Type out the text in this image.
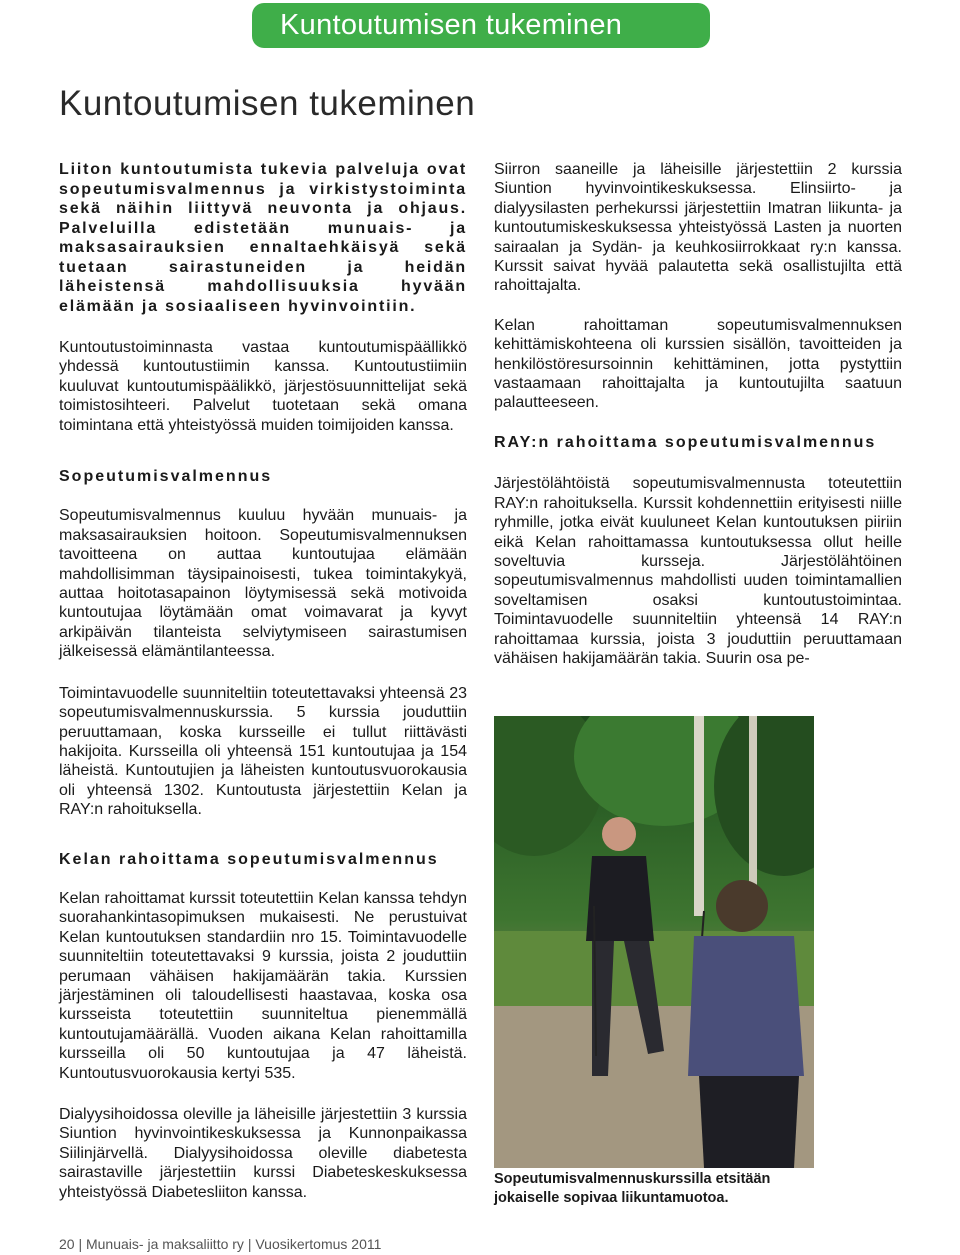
Kuntoutumisen tukeminen
Kuntoutumisen tukeminen

Liiton kuntoutumista tukevia palveluja ovat sopeutumisvalmennus ja virkistystoiminta sekä näihin liittyvä neuvonta ja ohjaus. Palveluilla edistetään munuais- ja maksasairauksien ennaltaehkäisyä sekä tuetaan sairastuneiden ja heidän läheistensä mahdollisuuksia hyvään elämään ja sosiaaliseen hyvinvointiin.

Kuntoutustoiminnasta vastaa kuntoutumispäällikkö yhdessä kuntoutustiimin kanssa. Kuntoutustiimiin kuuluvat kuntoutumispäälikkö, järjestösuunnittelijat sekä toimistosihteeri. Palvelut tuotetaan sekä omana toimintana että yhteistyössä muiden toimijoiden kanssa.

Sopeutumisvalmennus

Sopeutumisvalmennus kuuluu hyvään munuais- ja maksasairauksien hoitoon. Sopeutumisvalmennuksen tavoitteena on auttaa kuntoutujaa elämään mahdollisimman täysipainoisesti, tukea toimintakykyä, auttaa hoitotasapainon löytymisessä sekä motivoida kuntoutujaa löytämään omat voimavarat ja kyvyt arkipäivän tilanteista selviytymiseen sairastumisen jälkeisessä elämäntilanteessa.

Toimintavuodelle suunniteltiin toteutettavaksi yhteensä 23 sopeutumisvalmennuskurssia. 5 kurssia jouduttiin peruuttamaan, koska kursseille ei tullut riittävästi hakijoita. Kursseilla oli yhteensä 151 kuntoutujaa ja 154 läheistä. Kuntoutujien ja läheisten kuntoutusvuorokausia oli yhteensä 1302. Kuntoutusta järjestettiin Kelan ja RAY:n rahoituksella.

Kelan rahoittama sopeutumisvalmennus

Kelan rahoittamat kurssit toteutettiin Kelan kanssa tehdyn suorahankintasopimuksen mukaisesti. Ne perustuivat Kelan kuntoutuksen standardiin nro 15. Toimintavuodelle suunniteltiin toteutettavaksi 9 kurssia, joista 2 jouduttiin perumaan vähäisen hakijamäärän takia. Kurssien järjestäminen oli taloudellisesti haastavaa, koska osa kursseista toteutettiin suunniteltua pienemmällä kuntoutujamäärällä. Vuoden aikana Kelan rahoittamilla kursseilla oli 50 kuntoutujaa ja 47 läheistä. Kuntoutusvuorokausia kertyi 535.

Dialyysihoidossa oleville ja läheisille järjestettiin 3 kurssia Siuntion hyvinvointikeskuksessa ja Kunnonpaikassa Siilinjärvellä. Dialyysihoidossa oleville diabetesta sairastaville järjestettiin kurssi Diabeteskeskuksessa yhteistyössä Diabetesliiton kanssa.

Siirron saaneille ja läheisille järjestettiin 2 kurssia Siuntion hyvinvointikeskuksessa. Elinsiirto- ja dialyysilasten perhekurssi järjestettiin Imatran liikunta- ja kuntoutumiskeskuksessa yhteistyössä Lasten ja nuorten sairaalan ja Sydän- ja keuhkosiirrokkaat ry:n kanssa. Kurssit saivat hyvää palautetta sekä osallistujilta että rahoittajalta.

Kelan rahoittaman sopeutumisvalmennuksen kehittämiskohteena oli kurssien sisällön, tavoitteiden ja henkilöstöresursoinnin kehittäminen, jotta pystyttiin vastaamaan rahoittajalta ja kuntoutujilta saatuun palautteeseen.

RAY:n rahoittama sopeutumisvalmennus

Järjestölähtöistä sopeutumisvalmennusta toteutettiin RAY:n rahoituksella. Kurssit kohdennettiin erityisesti niille ryhmille, jotka eivät kuuluneet Kelan kuntoutuksen piiriin eikä Kelan rahoittamassa kuntoutuksessa ollut heille soveltuvia kursseja. Järjestölähtöinen sopeutumisvalmennus mahdollisti uuden toimintamallien soveltamisen osaksi kuntoutustoimintaa. Toimintavuodelle suunniteltiin yhteensä 14 RAY:n rahoittamaa kurssia, joista 3 jouduttiin peruuttamaan vähäisen hakijamäärän takia. Suurin osa pe-

Sopeutumisvalmennuskurssilla etsitään jokaiselle sopivaa liikuntamuotoa.

20 | Munuais- ja maksaliitto ry | Vuosikertomus 2011
